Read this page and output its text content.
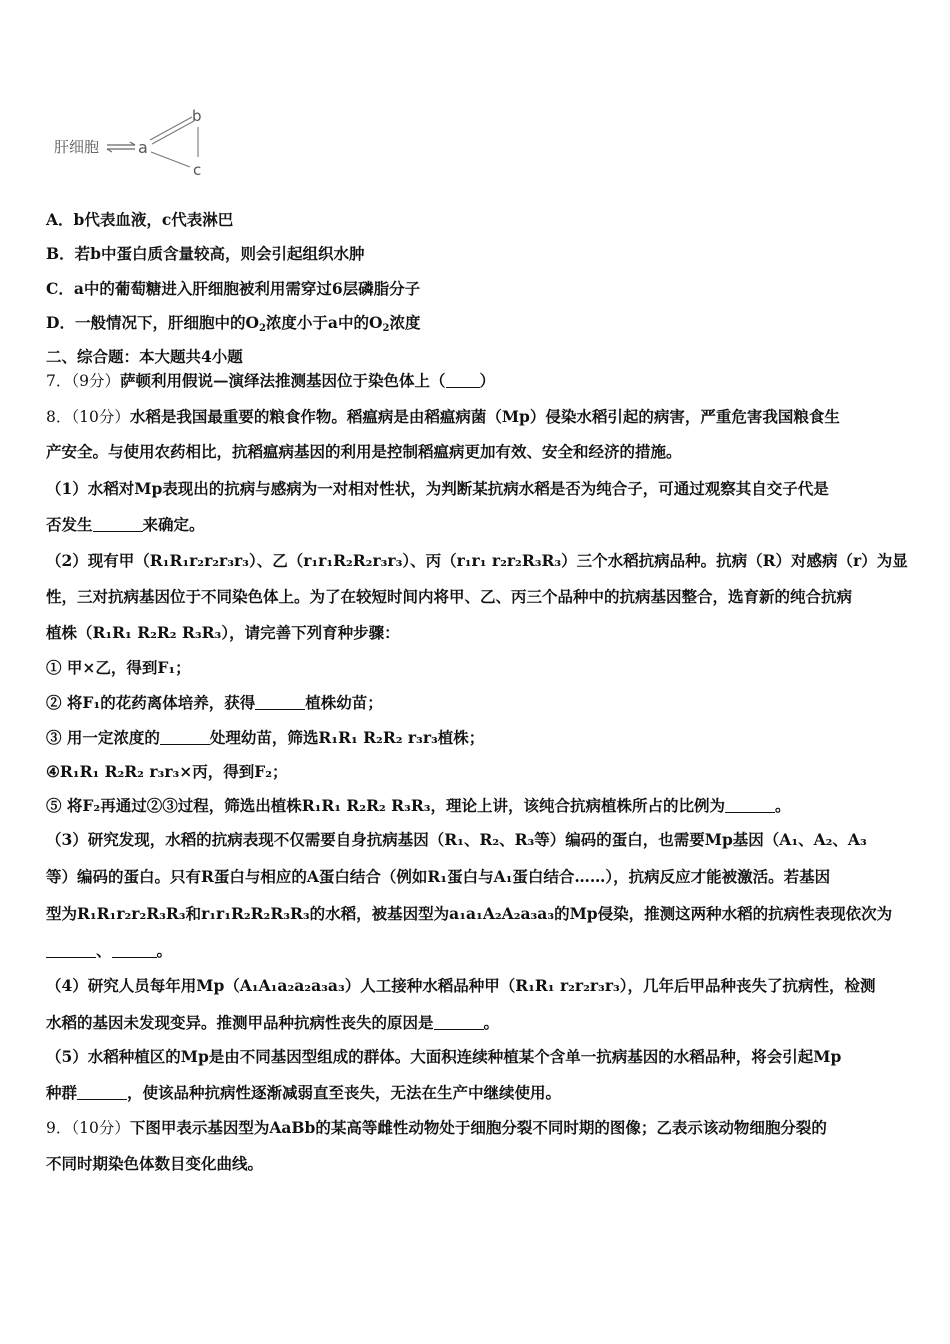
肝细胞 a
b
c
A．b代表血液，c代表淋巴
B．若b中蛋白质含量较高，则会引起组织水肿
C．a中的葡萄糖进入肝细胞被利用需穿过6层磷脂分子
D．一般情况下，肝细胞中的$O_2$浓度小于a中的$O_2$浓度
二、综合题：本大题共4小题
7．（9分）萨顿利用假说—演绎法推测基因位于染色体上（ ）
8．（10分）水稻是我国最重要的粮食作物。稻瘟病是由稻瘟病菌（Mp）侵染水稻引起的病害，严重危害我国粮食生
产安全。与使用农药相比，抗稻瘟病基因的利用是控制稻瘟病更加有效、安全和经济的措施。
（1）水稻对Mp表现出的抗病与感病为一对相对性状，为判断某抗病水稻是否为纯合子，可通过观察其自交子代是
否发生	来确定。
（2）现有甲（R₁R₁r₂r₂r₃r₃）、乙（r₁r₁R₂R₂r₃r₃）、丙（r₁r₁ r₂r₂R₃R₃）三个水稻抗病品种。抗病（R）对感病（r）为显
性，三对抗病基因位于不同染色体上。为了在较短时间内将甲、乙、丙三个品种中的抗病基因整合，选育新的纯合抗病
植株（R₁R₁ R₂R₂ R₃R₃），请完善下列育种步骤：
① 甲×乙，得到F₁；
② 将F₁的花药离体培养，获得	植株幼苗；
③ 用一定浓度的	处理幼苗，筛选R₁R₁ R₂R₂ r₃r₃植株；
④R₁R₁ R₂R₂ r₃r₃×丙，得到F₂；
⑤ 将F₂再通过②③过程，筛选出植株R₁R₁ R₂R₂ R₃R₃，理论上讲，该纯合抗病植株所占的比例为	。
（3）研究发现，水稻的抗病表现不仅需要自身抗病基因（R₁、R₂、R₃等）编码的蛋白，也需要Mp基因（A₁、A₂、A₃
等）编码的蛋白。只有R蛋白与相应的A蛋白结合（例如R₁蛋白与A₁蛋白结合……），抗病反应才能被激活。若基因
型为R₁R₁r₂r₂R₃R₃和r₁r₁R₂R₂R₃R₃的水稻，被基因型为a₁a₁A₂A₂a₃a₃的Mp侵染，推测这两种水稻的抗病性表现依次为
、	。
（4）研究人员每年用Mp（A₁A₁a₂a₂a₃a₃）人工接种水稻品种甲（R₁R₁ r₂r₂r₃r₃），几年后甲品种丧失了抗病性，检测
水稻的基因未发现变异。推测甲品种抗病性丧失的原因是	。
（5）水稻种植区的Mp是由不同基因型组成的群体。大面积连续种植某个含单一抗病基因的水稻品种，将会引起Mp
种群	，使该品种抗病性逐渐减弱直至丧失，无法在生产中继续使用。
9．（10分）下图甲表示基因型为AaBb的某高等雌性动物处于细胞分裂不同时期的图像；乙表示该动物细胞分裂的
不同时期染色体数目变化曲线。
